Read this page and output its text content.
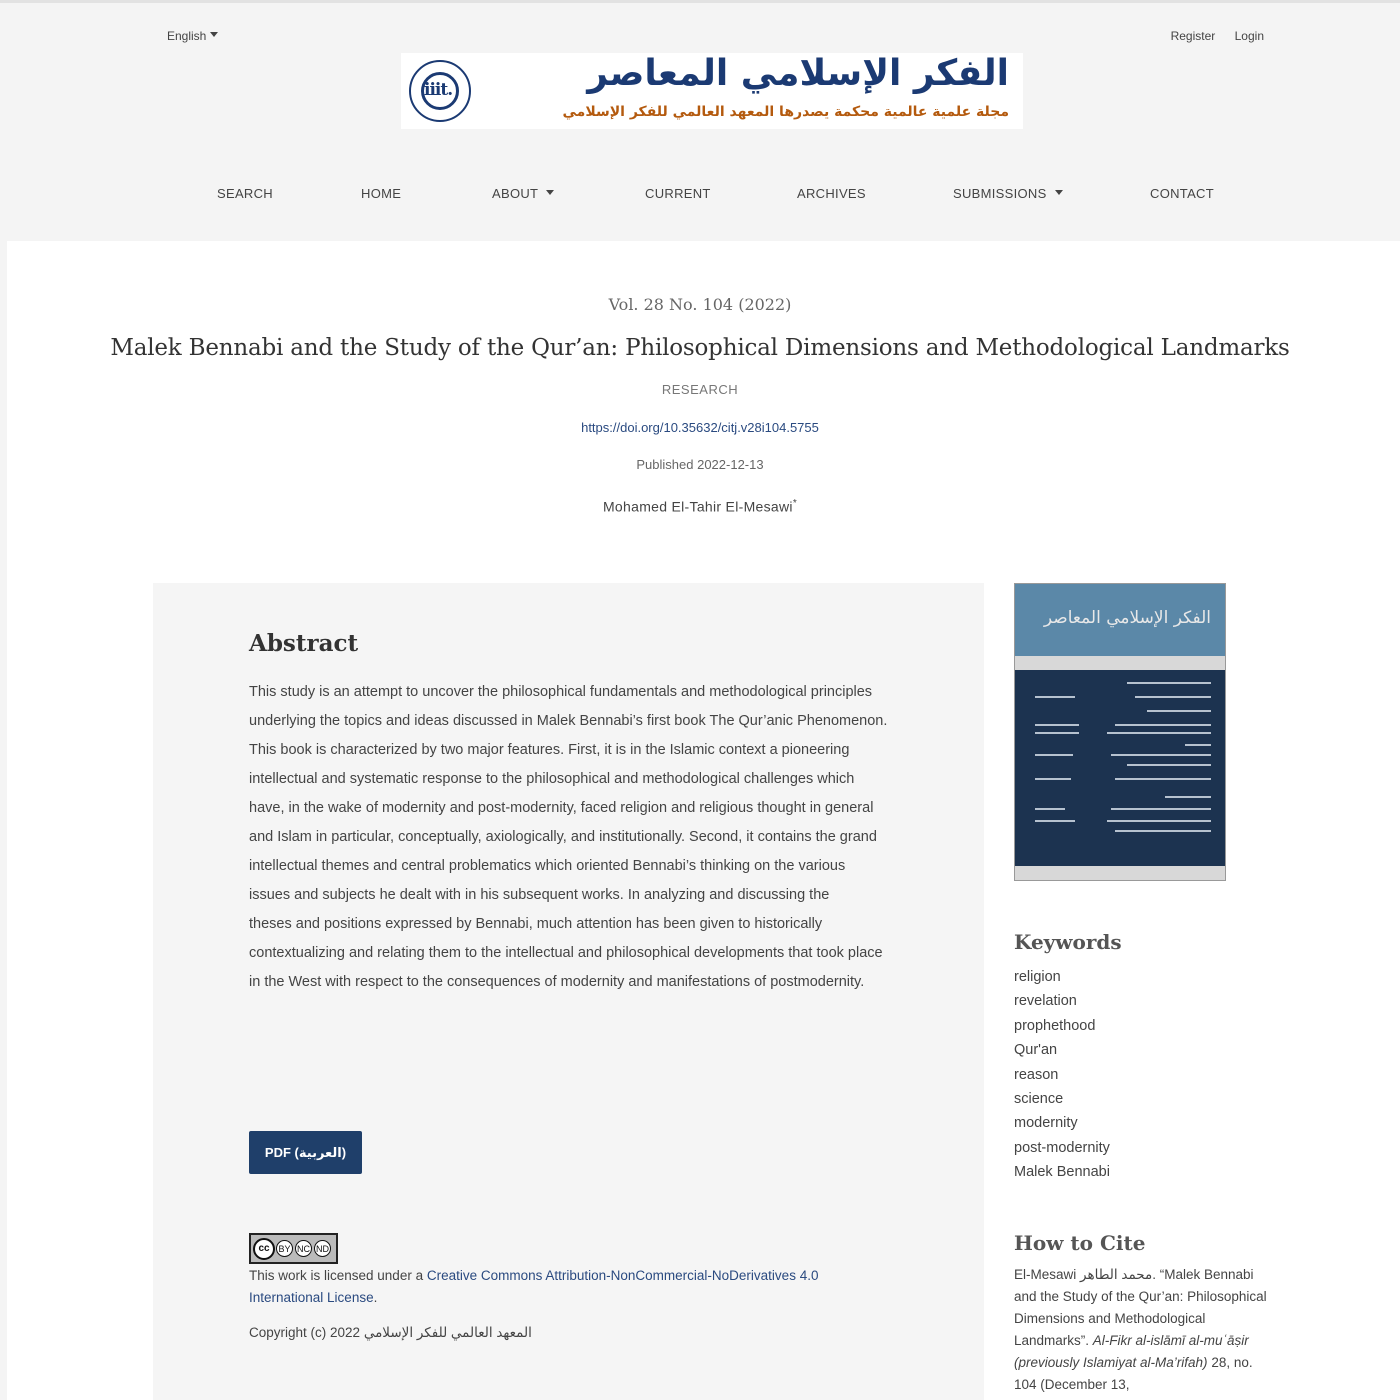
English	Register Login
iiit.	الفكر الإسلامي المعاصر
مجلة علمية عالمية محكمة يصدرها المعهد العالمي للفكر الإسلامي
SEARCH	HOME	ABOUT	CURRENT	ARCHIVES	SUBMISSIONS	CONTACT
Vol. 28 No. 104 (2022)
Malek Bennabi and the Study of the Qur’an: Philosophical Dimensions and Methodological Landmarks
RESEARCH
https://doi.org/10.35632/citj.v28i104.5755
Published 2022-12-13
Mohamed El-Tahir El-Mesawi*
Abstract

This study is an attempt to uncover the philosophical fundamentals and methodological principles underlying the topics and ideas discussed in Malek Bennabi’s first book The Qur’anic Phenomenon. This book is characterized by two major features. First, it is in the Islamic context a pioneering intellectual and systematic response to the philosophical and methodological challenges which have, in the wake of modernity and post-modernity, faced religion and religious thought in general and Islam in particular, conceptually, axiologically, and institutionally. Second, it contains the grand intellectual themes and central problematics which oriented Bennabi’s thinking on the various issues and subjects he dealt with in his subsequent works. In analyzing and discussing the

theses and positions expressed by Bennabi, much attention has been given to historically contextualizing and relating them to the intellectual and philosophical developments that took place in the West with respect to the consequences of modernity and manifestations of postmodernity.

PDF (العربية)
cc BY NC ND
This work is licensed under a Creative Commons Attribution-NonCommercial-NoDerivatives 4.0 International License.
Copyright (c) 2022 المعهد العالمي للفكر الإسلامي
الفكر الإسلامي المعاصر
Keywords
religion
revelation
prophethood
Qur'an
reason
science
modernity
post-modernity
Malek Bennabi
How to Cite
El-Mesawi محمد الطاهر. “Malek Bennabi and the Study of the Qur’an: Philosophical Dimensions and Methodological Landmarks”. Al-Fikr al-islāmī al-muʿāṣir (previously Islamiyat al-Ma’rifah) 28, no. 104 (December 13,
